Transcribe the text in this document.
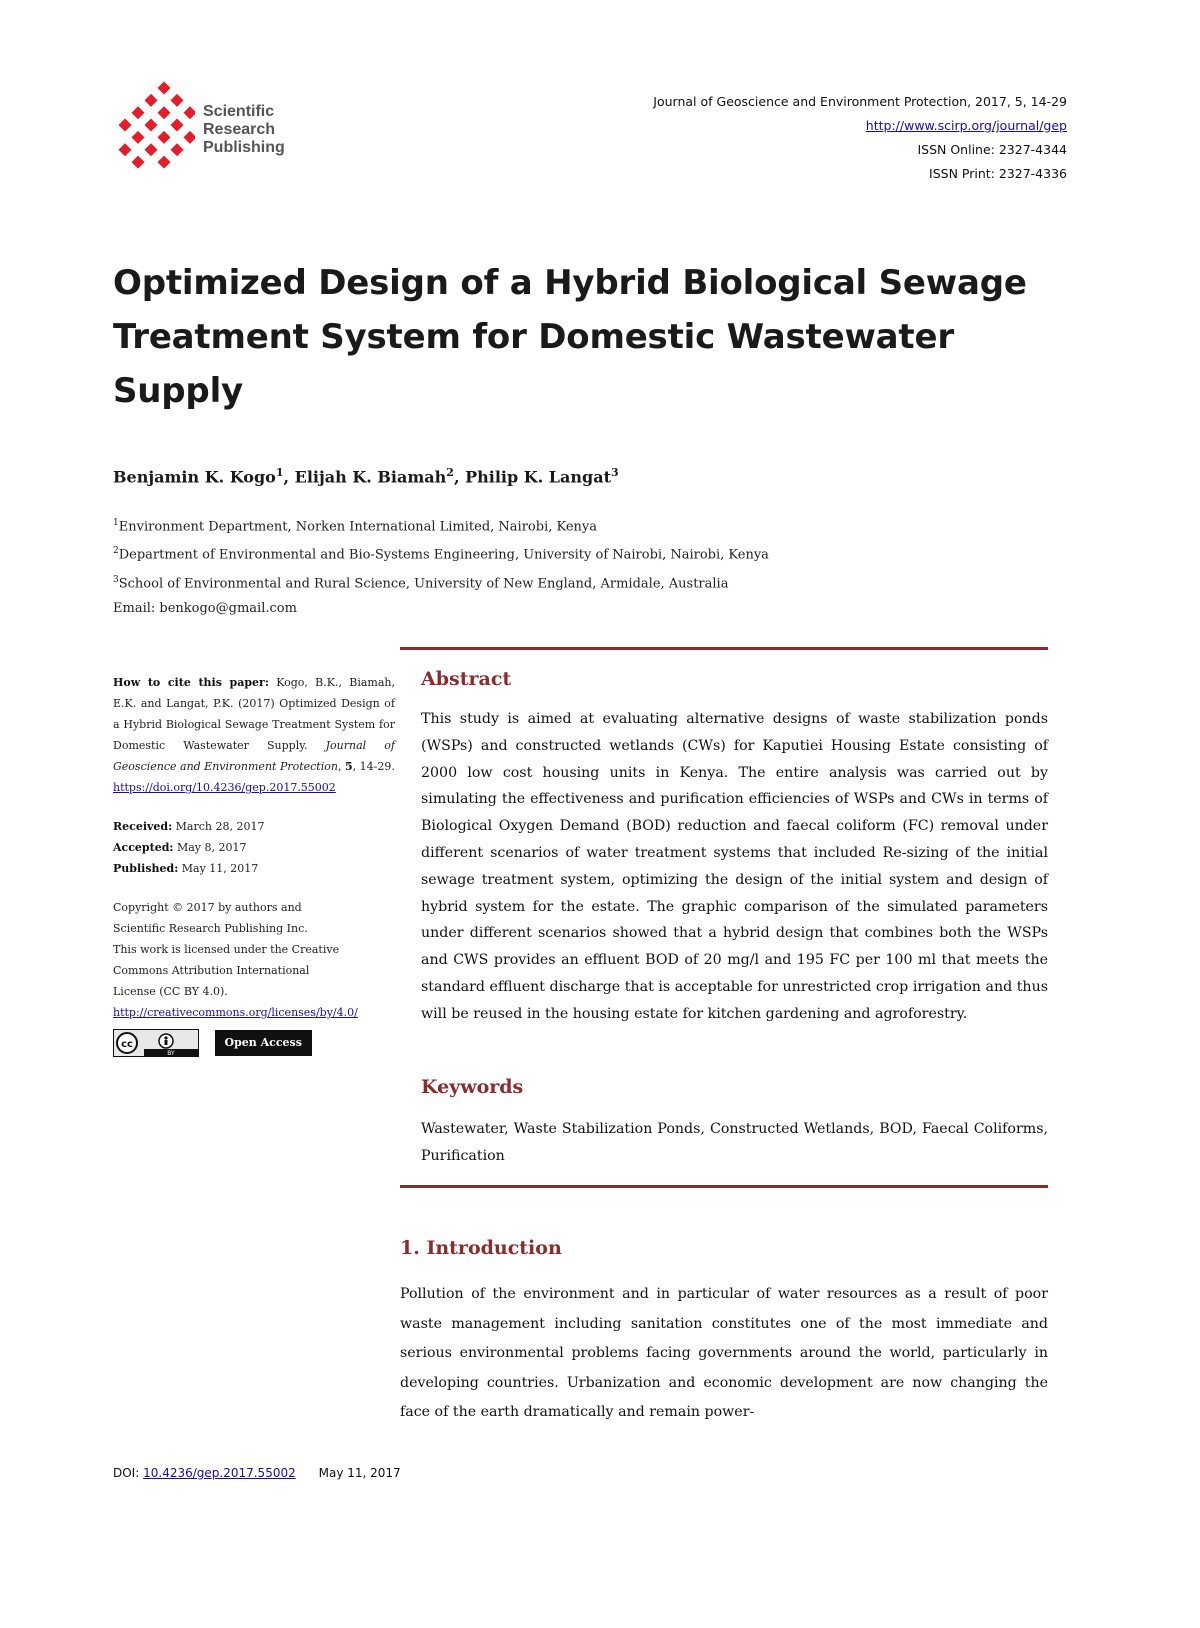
Scientific
Research
Publishing
Journal of Geoscience and Environment Protection, 2017, 5, 14-29
http://www.scirp.org/journal/gep
ISSN Online: 2327-4344
ISSN Print: 2327-4336
Optimized Design of a Hybrid Biological Sewage Treatment System for Domestic Wastewater Supply
Benjamin K. Kogo$^1$, Elijah K. Biamah$^2$, Philip K. Langat$^3$
$^1$Environment Department, Norken International Limited, Nairobi, Kenya
$^2$Department of Environmental and Bio-Systems Engineering, University of Nairobi, Nairobi, Kenya
$^3$School of Environmental and Rural Science, University of New England, Armidale, Australia
Email: benkogo@gmail.com
How to cite this paper: Kogo, B.K., Biamah, E.K. and Langat, P.K. (2017) Optimized Design of a Hybrid Biological Sewage Treatment System for Domestic Wastewater Supply. Journal of Geoscience and Environment Protection, 5, 14-29.
https://doi.org/10.4236/gep.2017.55002
Received: March 28, 2017
Accepted: May 8, 2017
Published: May 11, 2017
Copyright © 2017 by authors and
Scientific Research Publishing Inc.
This work is licensed under the Creative
Commons Attribution International
License (CC BY 4.0).
http://creativecommons.org/licenses/by/4.0/
cc
BY
Open Access
Abstract
This study is aimed at evaluating alternative designs of waste stabilization ponds (WSPs) and constructed wetlands (CWs) for Kaputiei Housing Estate consisting of 2000 low cost housing units in Kenya. The entire analysis was carried out by simulating the effectiveness and purification efficiencies of WSPs and CWs in terms of Biological Oxygen Demand (BOD) reduction and faecal coliform (FC) removal under different scenarios of water treatment systems that included Re-sizing of the initial sewage treatment system, optimizing the design of the initial system and design of hybrid system for the estate. The graphic comparison of the simulated parameters under different scenarios showed that a hybrid design that combines both the WSPs and CWS provides an effluent BOD of 20 mg/l and 195 FC per 100 ml that meets the standard effluent discharge that is acceptable for unrestricted crop irrigation and thus will be reused in the housing estate for kitchen gardening and agroforestry.
Keywords
Wastewater, Waste Stabilization Ponds, Constructed Wetlands, BOD, Faecal Coliforms, Purification
1. Introduction
Pollution of the environment and in particular of water resources as a result of poor waste management including sanitation constitutes one of the most immediate and serious environmental problems facing governments around the world, particularly in developing countries. Urbanization and economic development are now changing the face of the earth dramatically and remain power-
DOI: 10.4236/gep.2017.55002 May 11, 2017
